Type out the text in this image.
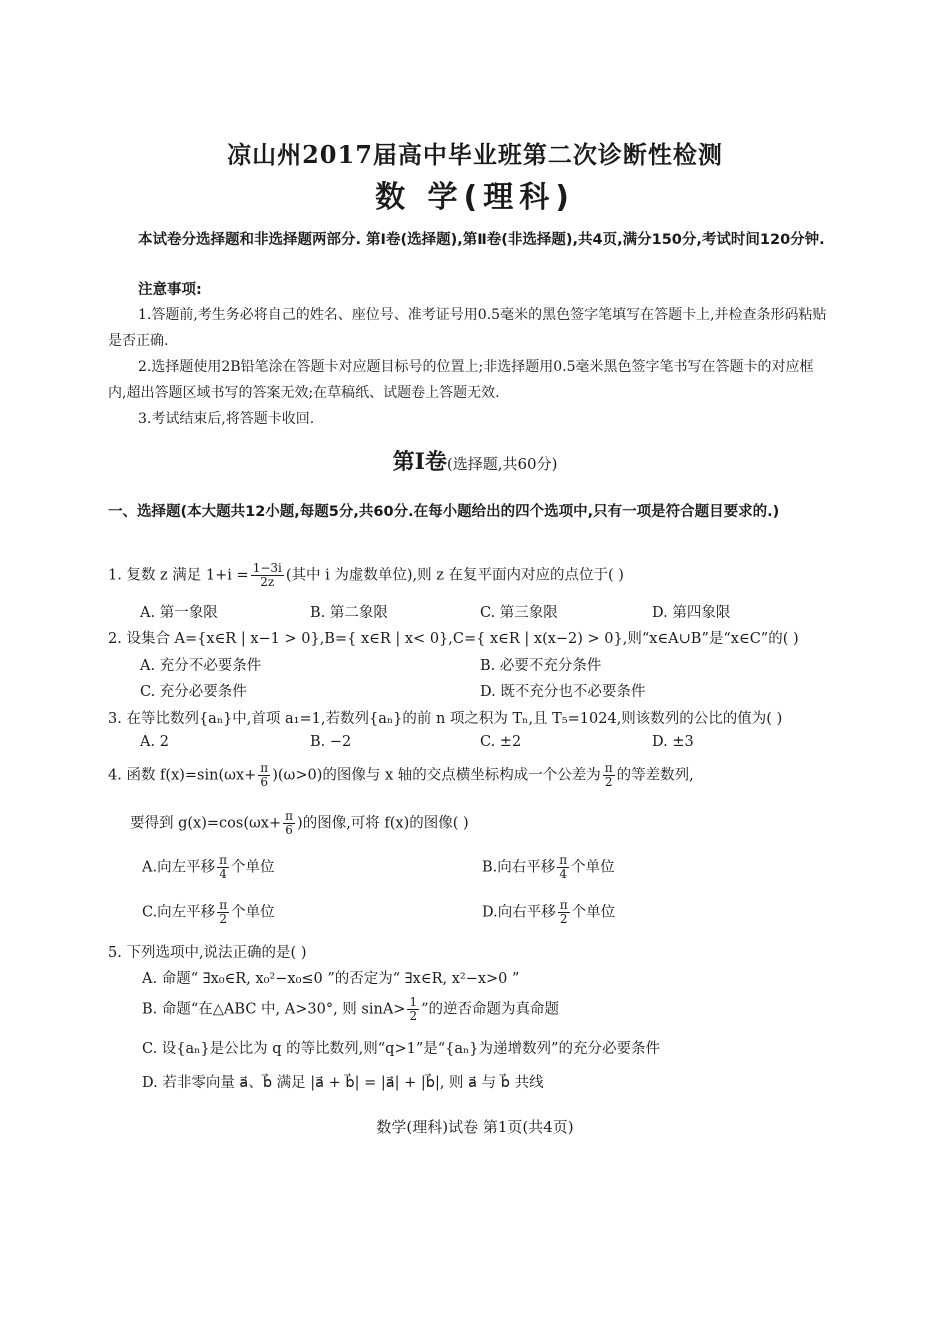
凉山州2017届高中毕业班第二次诊断性检测
数 学(理科)
本试卷分选择题和非选择题两部分. 第Ⅰ卷(选择题),第Ⅱ卷(非选择题),共4页,满分150分,考试时间120分钟.
注意事项:
1.答题前,考生务必将自己的姓名、座位号、准考证号用0.5毫米的黑色签字笔填写在答题卡上,并检查条形码粘贴是否正确.
2.选择题使用2B铅笔涂在答题卡对应题目标号的位置上;非选择题用0.5毫米黑色签字笔书写在答题卡的对应框内,超出答题区域书写的答案无效;在草稿纸、试题卷上答题无效.
3.考试结束后,将答题卡收回.
第Ⅰ卷(选择题,共60分)
一、选择题(本大题共12小题,每题5分,共60分.在每小题给出的四个选项中,只有一项是符合题目要求的.)
1. 复数 z 满足 $1+i = \frac{1-3i}{2z}$ (其中 i 为虚数单位),则 z 在复平面内对应的点位于( )
A. 第一象限	B. 第二象限	C. 第三象限	D. 第四象限
2. 设集合 A={x∈R | x−1 > 0},B={ x∈R | x< 0},C={ x∈R | x(x−2) > 0},则“x∈A∪B”是“x∈C”的( )
A. 充分不必要条件	B. 必要不充分条件
C. 充分必要条件	D. 既不充分也不必要条件
3. 在等比数列{aₙ}中,首项 a₁=1,若数列{aₙ}的前 n 项之积为 Tₙ,且 T₅=1024,则该数列的公比的值为( )
A. 2	B. −2	C. ±2	D. ±3
4. 函数 $f(x)=\sin(\omega x+ \frac{\pi}{6} )(\omega>0)$的图像与 x 轴的交点横坐标构成一个公差为 $\frac{\pi}{2}$ 的等差数列,
要得到 $g(x)=\cos(\omega x+ \frac{\pi}{6}$ )的图像,可将 f(x)的图像( )
A.向左平移 $\frac{\pi}{4}$ 个单位	B.向右平移 $\frac{\pi}{4}$ 个单位
C.向左平移 $\frac{\pi}{2}$ 个单位	D.向右平移 $\frac{\pi}{2}$ 个单位
5. 下列选项中,说法正确的是( )
A. 命题“ ∃x₀∈R, x₀²−x₀≤0 ”的否定为“ ∃x∈R, x²−x>0 ”
B. 命题“在△ABC 中, A>30°, 则 $\sin A> \frac{1}{2}$ ”的逆否命题为真命题
C. 设{aₙ}是公比为 q 的等比数列,则“q>1”是“{aₙ}为递增数列”的充分必要条件
D. 若非零向量 a⃗、b⃗ 满足 |a⃗ + b⃗| = |a⃗| + |b⃗|, 则 a⃗ 与 b⃗ 共线
数学(理科)试卷 第1页(共4页)
